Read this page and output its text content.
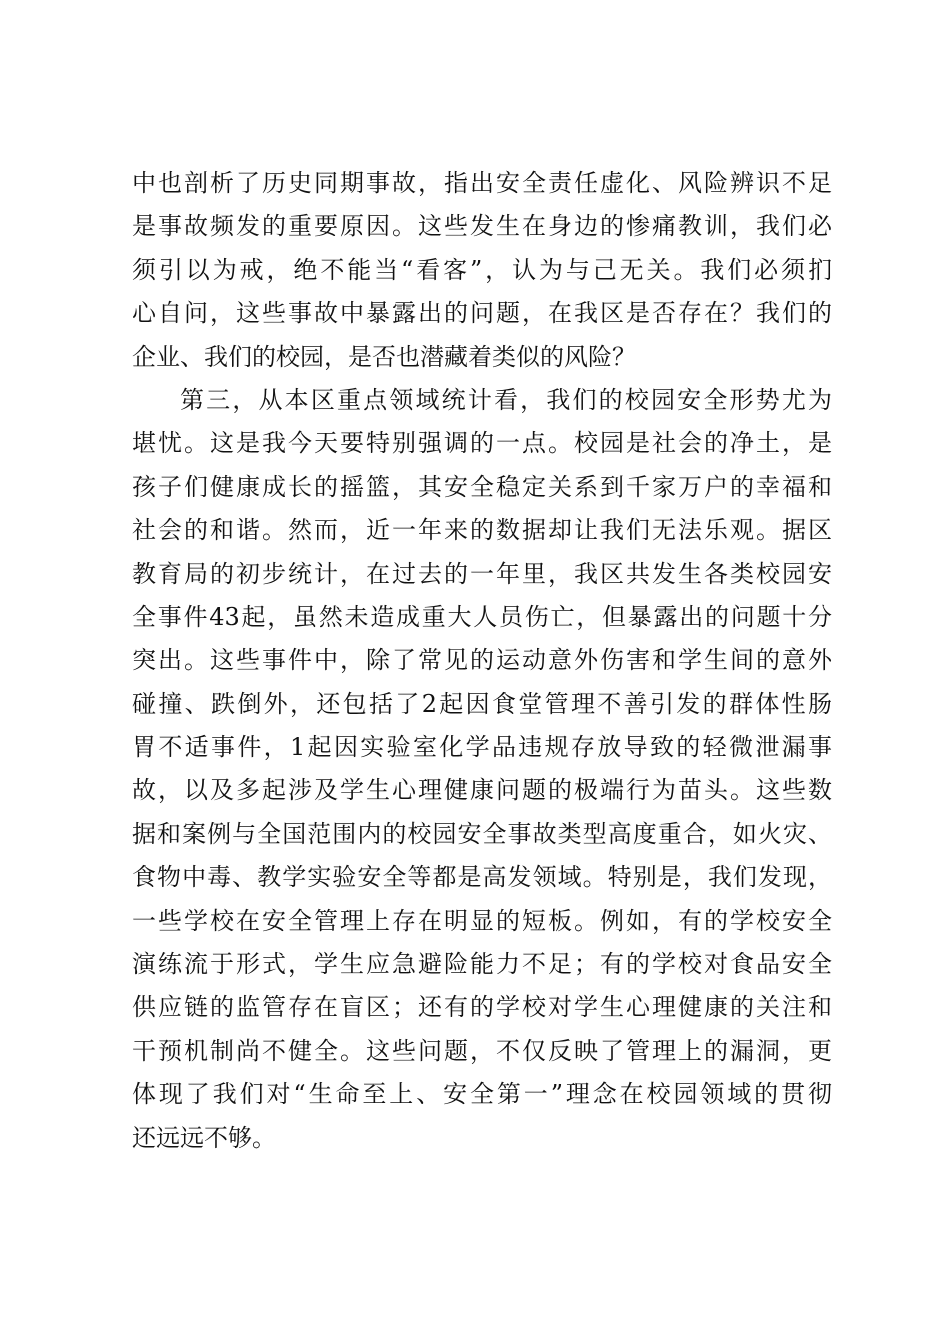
中也剖析了历史同期事故，指出安全责任虚化、风险辨识不足
是事故频发的重要原因。这些发生在身边的惨痛教训，我们必
须引以为戒，绝不能当“看客”，认为与己无关。我们必须扪
心自问，这些事故中暴露出的问题，在我区是否存在？我们的
企业、我们的校园，是否也潜藏着类似的风险？
第三，从本区重点领域统计看，我们的校园安全形势尤为
堪忧。这是我今天要特别强调的一点。校园是社会的净土，是
孩子们健康成长的摇篮，其安全稳定关系到千家万户的幸福和
社会的和谐。然而，近一年来的数据却让我们无法乐观。据区
教育局的初步统计，在过去的一年里，我区共发生各类校园安
全事件43起，虽然未造成重大人员伤亡，但暴露出的问题十分
突出。这些事件中，除了常见的运动意外伤害和学生间的意外
碰撞、跌倒外，还包括了2起因食堂管理不善引发的群体性肠
胃不适事件，1起因实验室化学品违规存放导致的轻微泄漏事
故，以及多起涉及学生心理健康问题的极端行为苗头。这些数
据和案例与全国范围内的校园安全事故类型高度重合，如火灾、
食物中毒、教学实验安全等都是高发领域。特别是，我们发现，
一些学校在安全管理上存在明显的短板。例如，有的学校安全
演练流于形式，学生应急避险能力不足；有的学校对食品安全
供应链的监管存在盲区；还有的学校对学生心理健康的关注和
干预机制尚不健全。这些问题，不仅反映了管理上的漏洞，更
体现了我们对“生命至上、安全第一”理念在校园领域的贯彻
还远远不够。
